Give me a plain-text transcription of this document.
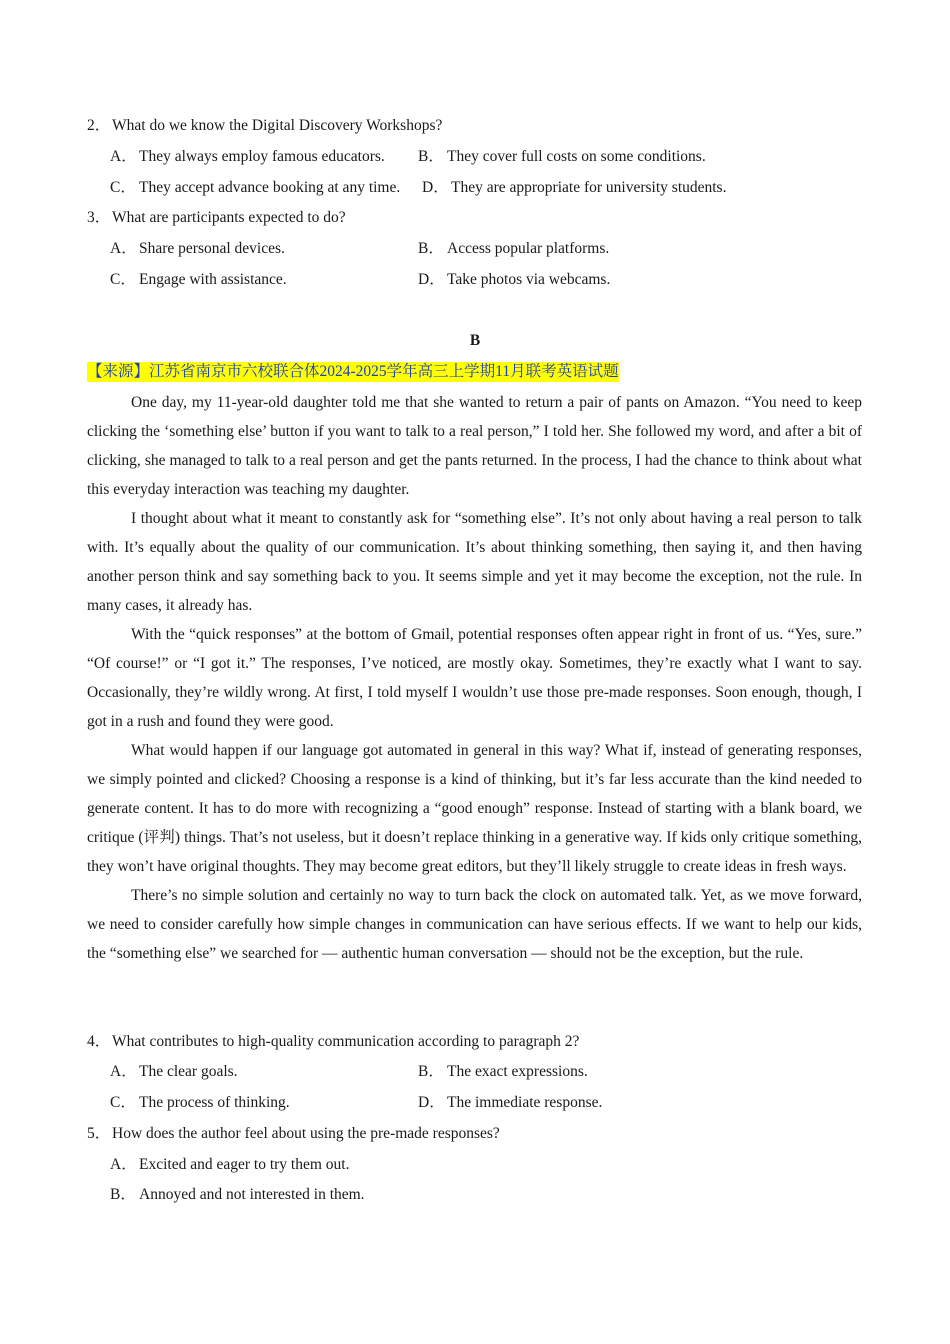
2． What do we know the Digital Discovery Workshops?
A． They always employ famous educators. B． They cover full costs on some conditions.
C． They accept advance booking at any time. D． They are appropriate for university students.
3． What are participants expected to do?
A． Share personal devices.	B． Access popular platforms.
C． Engage with assistance.	D． Take photos via webcams.
B
【来源】江苏省南京市六校联合体2024-2025学年高三上学期11月联考英语试题

One day, my 11-year-old daughter told me that she wanted to return a pair of pants on Amazon. “You need to keep clicking the ‘something else’ button if you want to talk to a real person,” I told her. She followed my word, and after a bit of clicking, she managed to talk to a real person and get the pants returned. In the process, I had the chance to think about what this everyday interaction was teaching my daughter.

I thought about what it meant to constantly ask for “something else”. It’s not only about having a real person to talk with. It’s equally about the quality of our communication. It’s about thinking something, then saying it, and then having another person think and say something back to you. It seems simple and yet it may become the exception, not the rule. In many cases, it already has.

With the “quick responses” at the bottom of Gmail, potential responses often appear right in front of us. “Yes, sure.” “Of course!” or “I got it.” The responses, I’ve noticed, are mostly okay. Sometimes, they’re exactly what I want to say. Occasionally, they’re wildly wrong. At first, I told myself I wouldn’t use those pre-made responses. Soon enough, though, I got in a rush and found they were good.

What would happen if our language got automated in general in this way? What if, instead of generating responses, we simply pointed and clicked? Choosing a response is a kind of thinking, but it’s far less accurate than the kind needed to generate content. It has to do more with recognizing a “good enough” response. Instead of starting with a blank board, we critique (评判) things. That’s not useless, but it doesn’t replace thinking in a generative way. If kids only critique something, they won’t have original thoughts. They may become great editors, but they’ll likely struggle to create ideas in fresh ways.

There’s no simple solution and certainly no way to turn back the clock on automated talk. Yet, as we move forward, we need to consider carefully how simple changes in communication can have serious effects. If we want to help our kids, the “something else” we searched for — authentic human conversation — should not be the exception, but the rule.

4． What contributes to high-quality communication according to paragraph 2?
A． The clear goals.	B． The exact expressions.
C． The process of thinking.	D． The immediate response.
5． How does the author feel about using the pre-made responses?
A． Excited and eager to try them out.
B． Annoyed and not interested in them.
